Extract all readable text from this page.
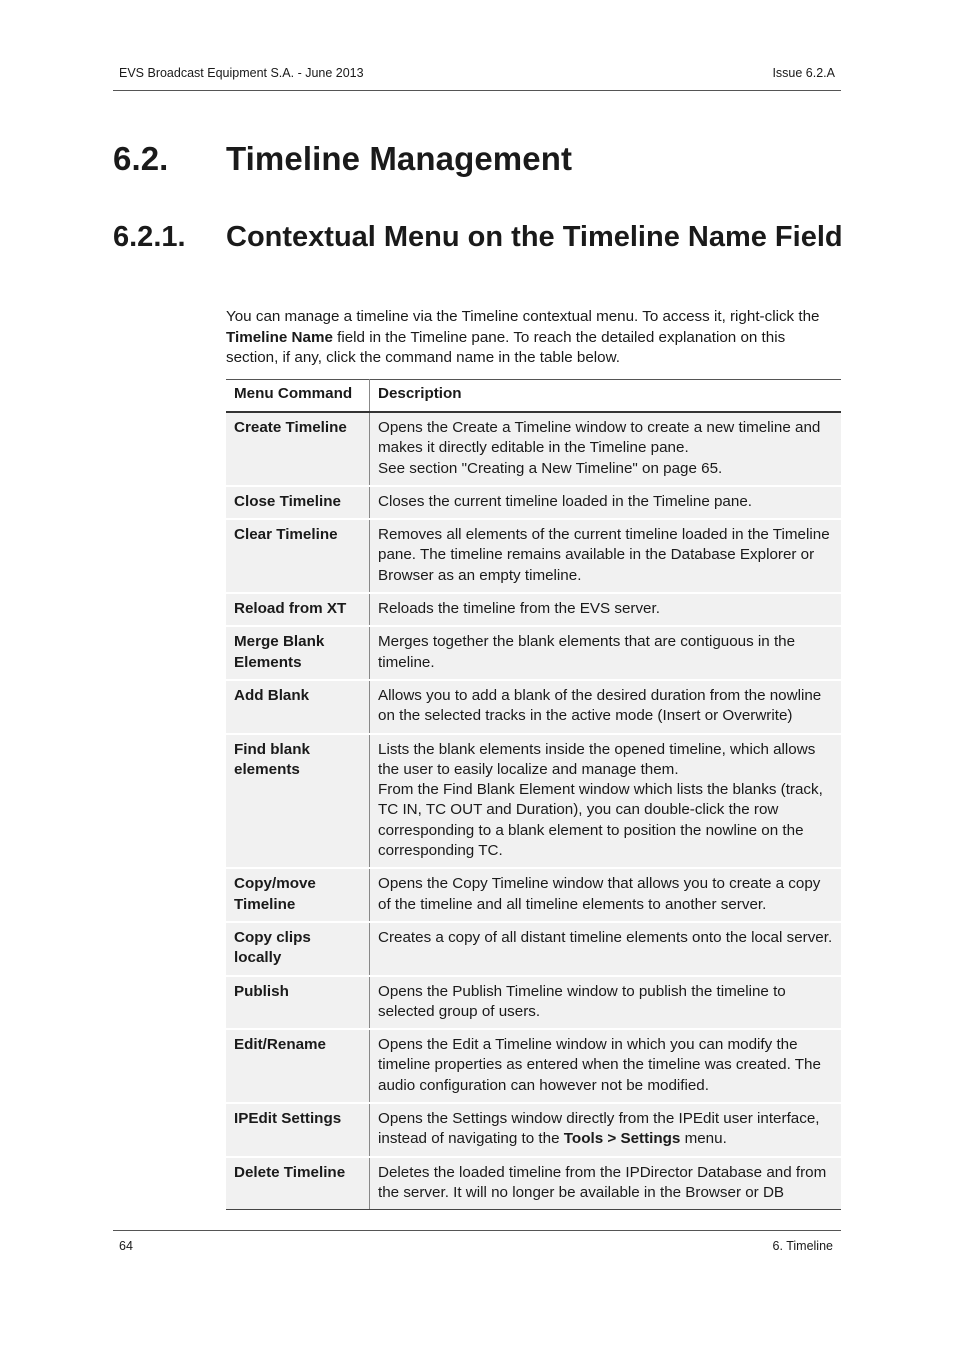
EVS Broadcast Equipment S.A. - June 2013	Issue 6.2.A
6.2. Timeline Management
6.2.1. Contextual Menu on the Timeline Name Field
You can manage a timeline via the Timeline contextual menu. To access it, right-click the Timeline Name field in the Timeline pane. To reach the detailed explanation on this section, if any, click the command name in the table below.
Menu Command	Description
Create Timeline	Opens the Create a Timeline window to create a new timeline and makes it directly editable in the Timeline pane.
See section "Creating a New Timeline" on page 65.

Close Timeline	Closes the current timeline loaded in the Timeline pane.
Clear Timeline	Removes all elements of the current timeline loaded in the Timeline pane. The timeline remains available in the Database Explorer or Browser as an empty timeline.
Reload from XT	Reloads the timeline from the EVS server.
Merge Blank Elements	Merges together the blank elements that are contiguous in the timeline.
Add Blank	Allows you to add a blank of the desired duration from the nowline on the selected tracks in the active mode (Insert or Overwrite)
Find blank elements	Lists the blank elements inside the opened timeline, which allows the user to easily localize and manage them.
From the Find Blank Element window which lists the blanks (track, TC IN, TC OUT and Duration), you can double-click the row corresponding to a blank element to position the nowline on the corresponding TC.

Copy/move Timeline	Opens the Copy Timeline window that allows you to create a copy of the timeline and all timeline elements to another server.
Copy clips locally	Creates a copy of all distant timeline elements onto the local server.
Publish	Opens the Publish Timeline window to publish the timeline to selected group of users.
Edit/Rename	Opens the Edit a Timeline window in which you can modify the timeline properties as entered when the timeline was created. The audio configuration can however not be modified.
IPEdit Settings	Opens the Settings window directly from the IPEdit user interface, instead of navigating to the Tools > Settings menu.
Delete Timeline	Deletes the loaded timeline from the IPDirector Database and from the server. It will no longer be available in the Browser or DB
64	6. Timeline
